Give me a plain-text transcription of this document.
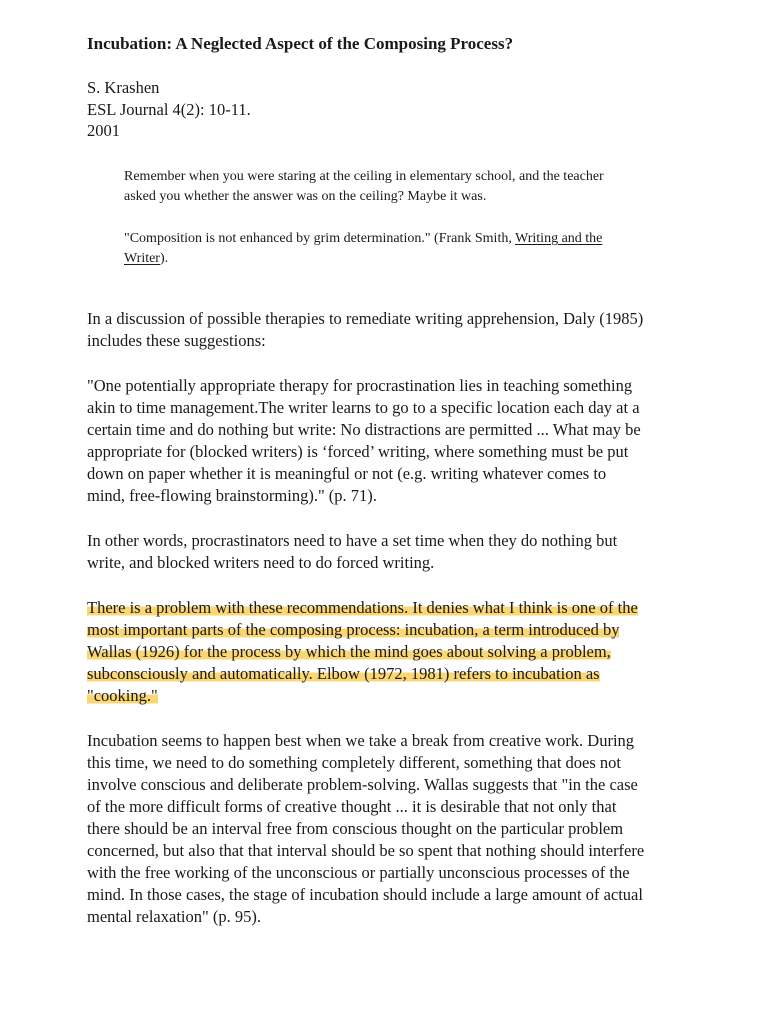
Incubation: A Neglected Aspect of the Composing Process?
S. Krashen
ESL Journal 4(2): 10-11.
2001
Remember when you were staring at the ceiling in elementary school, and the teacher
asked you whether the answer was on the ceiling? Maybe it was.
"Composition is not enhanced by grim determination." (Frank Smith, Writing and the
Writer).
In a discussion of possible therapies to remediate writing apprehension, Daly (1985)
includes these suggestions:
"One potentially appropriate therapy for procrastination lies in teaching something
akin to time management.The writer learns to go to a specific location each day at a
certain time and do nothing but write: No distractions are permitted ... What may be
appropriate for (blocked writers) is ‘forced’ writing, where something must be put
down on paper whether it is meaningful or not (e.g. writing whatever comes to
mind, free-flowing brainstorming)." (p. 71).
In other words, procrastinators need to have a set time when they do nothing but
write, and blocked writers need to do forced writing.
There is a problem with these recommendations. It denies what I think is one of the
most important parts of the composing process: incubation, a term introduced by
Wallas (1926) for the process by which the mind goes about solving a problem,
subconsciously and automatically. Elbow (1972, 1981) refers to incubation as
"cooking."
Incubation seems to happen best when we take a break from creative work. During
this time, we need to do something completely different, something that does not
involve conscious and deliberate problem-solving. Wallas suggests that "in the case
of the more difficult forms of creative thought ... it is desirable that not only that
there should be an interval free from conscious thought on the particular problem
concerned, but also that that interval should be so spent that nothing should interfere
with the free working of the unconscious or partially unconscious processes of the
mind. In those cases, the stage of incubation should include a large amount of actual
mental relaxation" (p. 95).
